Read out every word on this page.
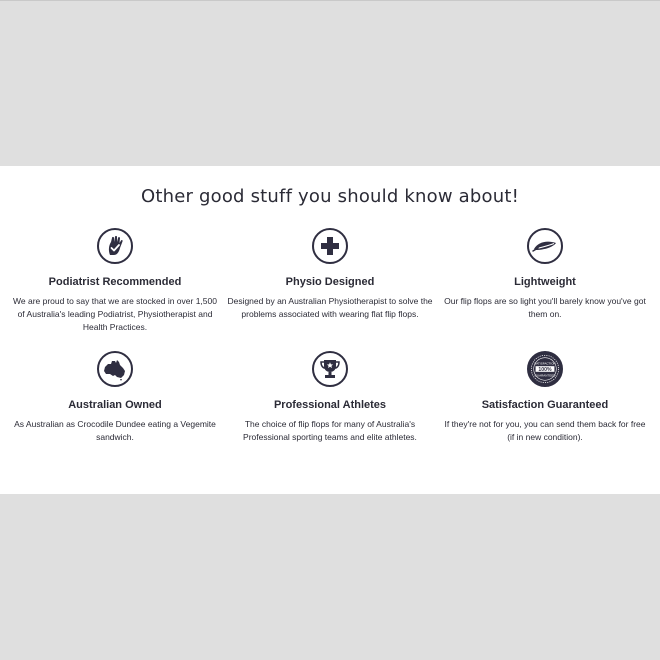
Other good stuff you should know about!
Podiatrist Recommended
We are proud to say that we are stocked in over 1,500 of Australia's leading Podiatrist, Physiotherapist and Health Practices.
Physio Designed
Designed by an Australian Physiotherapist to solve the problems associated with wearing flat flip flops.
Lightweight
Our flip flops are so light you'll barely know you've got them on.
Australian Owned
As Australian as Crocodile Dundee eating a Vegemite sandwich.
Professional Athletes
The choice of flip flops for many of Australia's Professional sporting teams and elite athletes.
SATISFACTION
100%
GUARANTEED
Satisfaction Guaranteed
If they're not for you, you can send them back for free (if in new condition).
